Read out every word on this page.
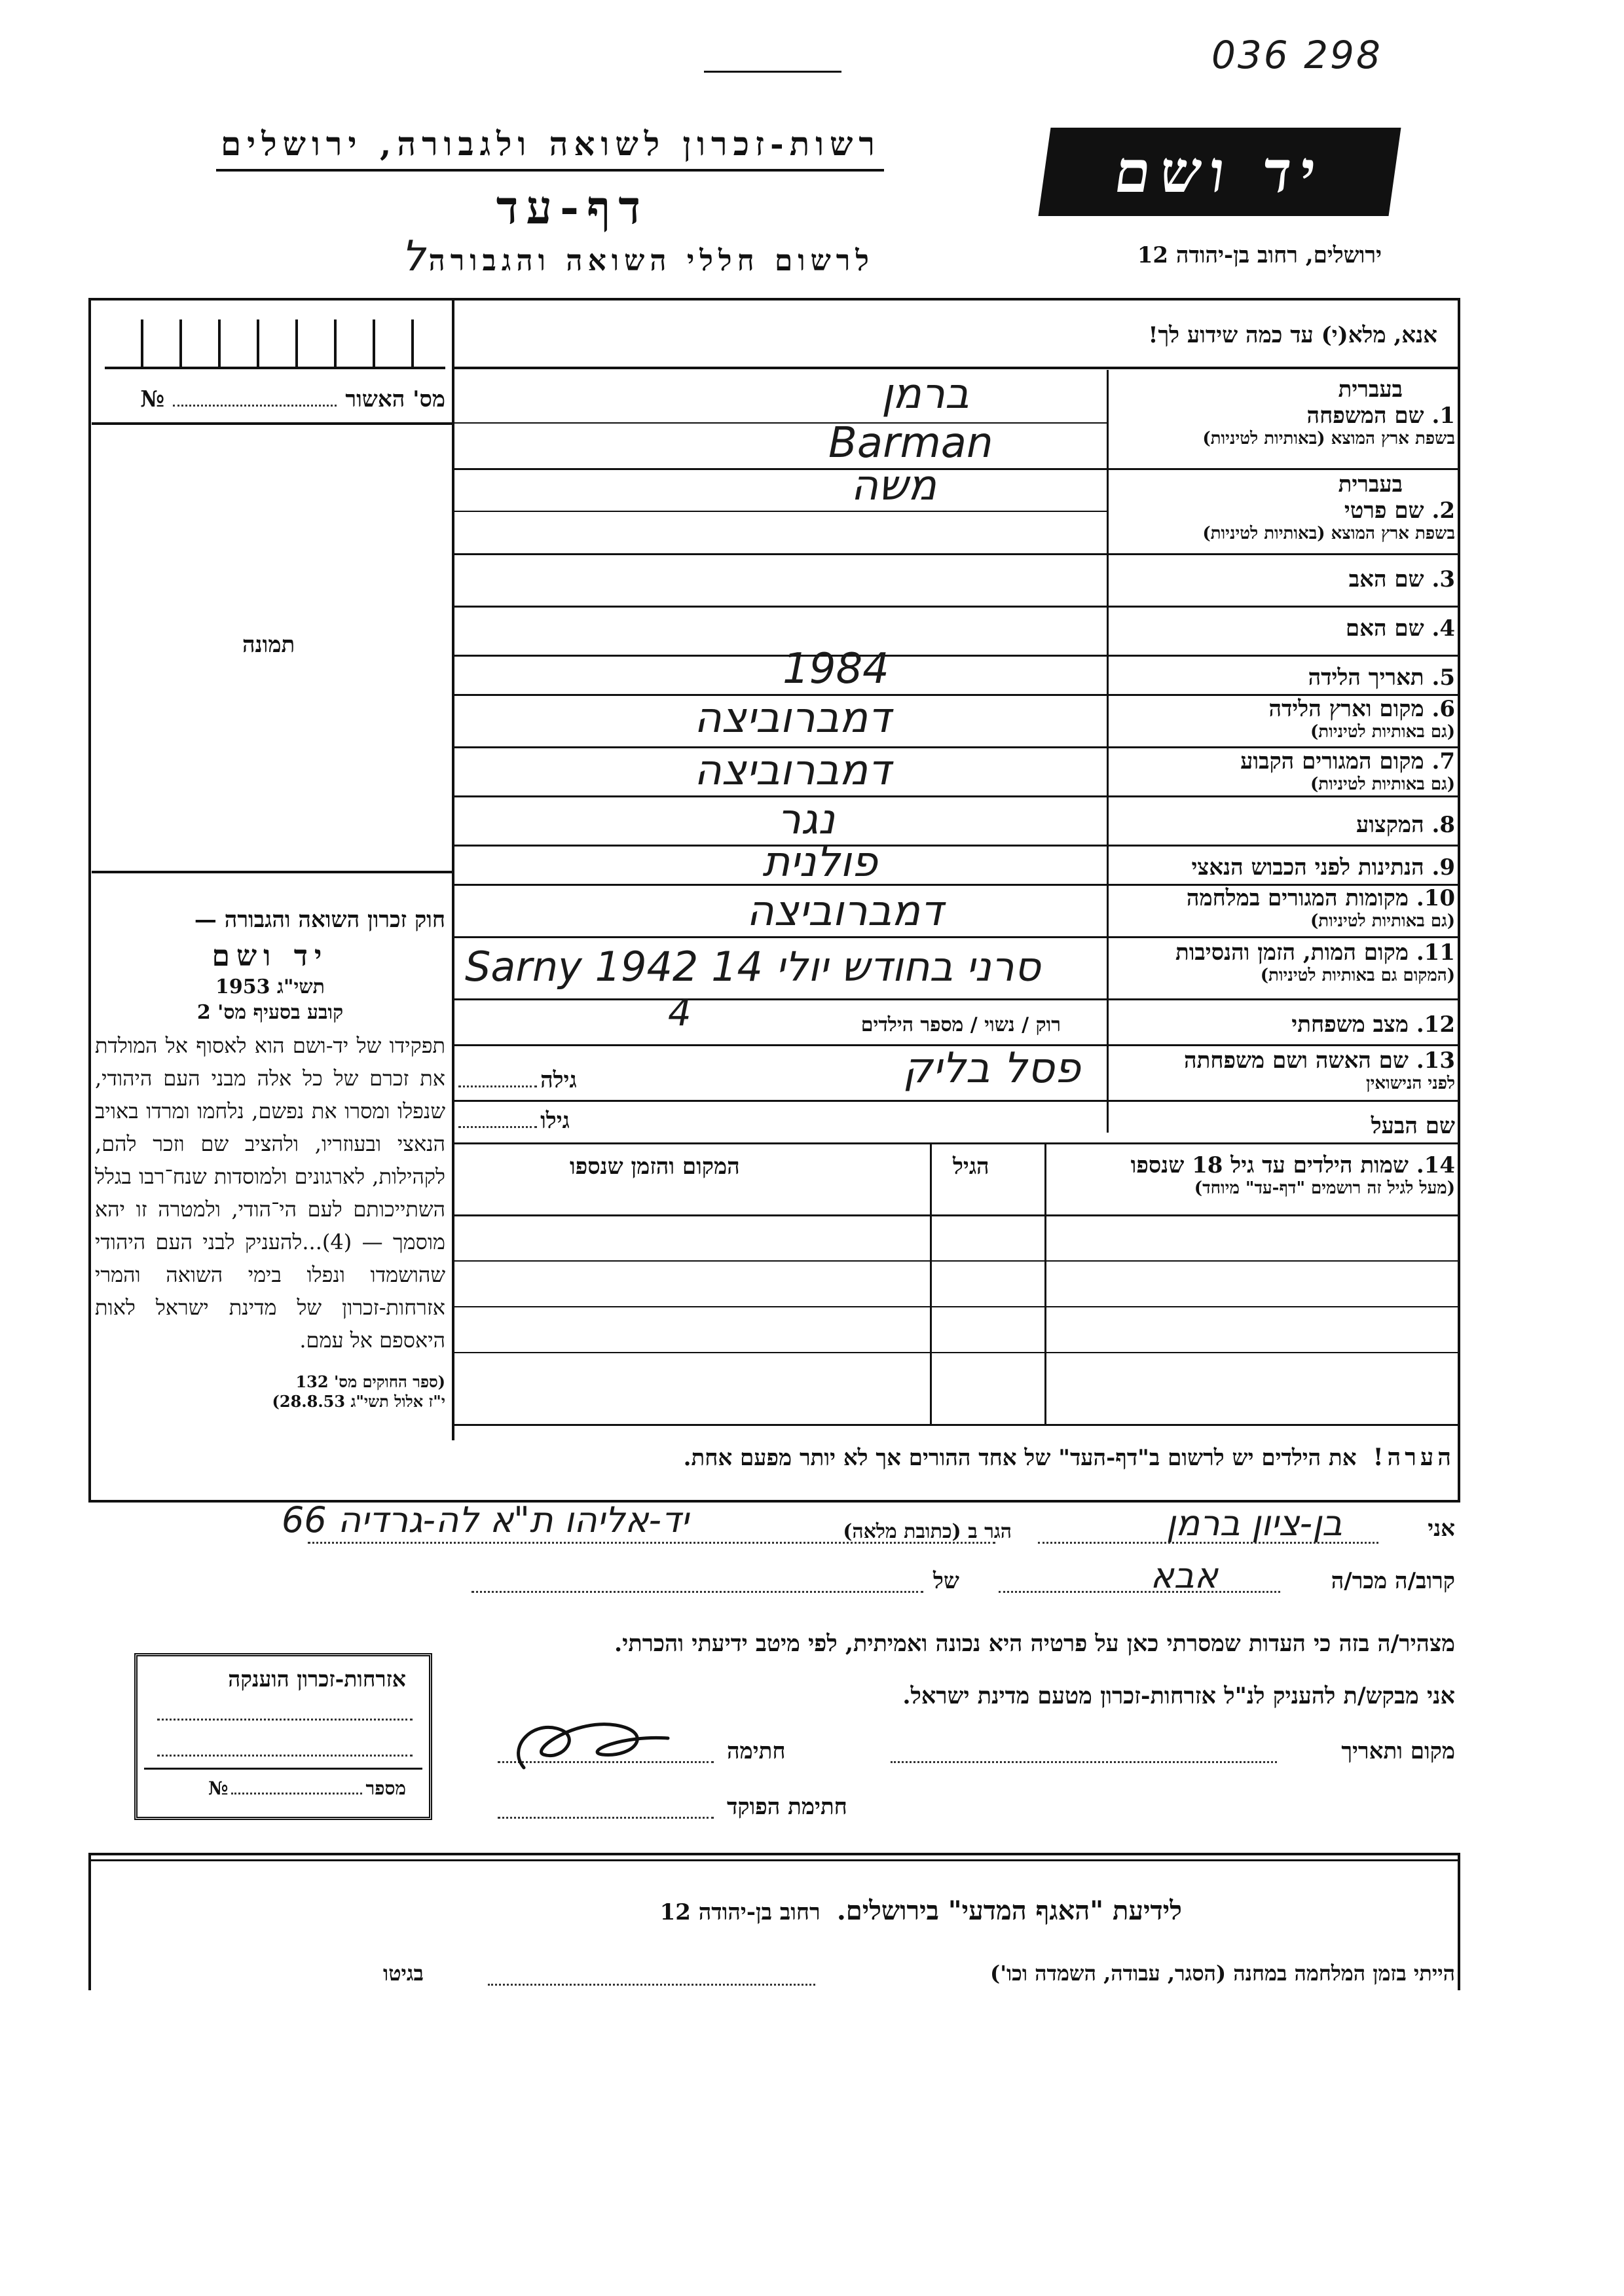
036 298
רשות-זכרון לשואה ולגבורה, ירושלים
דף-עד
לרשום חללי השואה והגבורה ל
יד ושם
ירושלים, רחוב בן-יהודה 12
אנא, מלא(י) עד כמה שידוע לך!
מס' האשור  №
תמונה

חוק זכרון השואה והגבורה —

יד ושם

תשי"ג 1953

קובע בסעיף מס' 2

תפקידו של יד-ושם הוא לאסוף אל המולדת את זכרם של כל אלה מבני העם היהודי, שנפלו ומסרו את נפשם, נלחמו ומרדו באויב הנאצי ובעוזריו, ולהציב שם וזכר להם, לקהילות, לארגונים ולמוסדות שנח־רבו בגלל השתייכותם לעם הי־הודי, ולמטרה זו יהא מוסמך — (4)...להעניק לבני העם היהודי שהושמדו ונפלו בימי השואה והמרי אזרחות-זכרון של מדינת ישראל לאות היאספם אל עמם.

(ספר החוקים מס' 132

י"ז אלול תשי"ג 28.8.53)

בעברית
1. שם המשפחה
בשפת ארץ המוצא (באותיות לטיניות)
ברמן
Barman
בעברית
2. שם פרטי
בשפת ארץ המוצא (באותיות לטיניות)
משה
3. שם האב
4. שם האם
5. תאריך הלידה
1984
6. מקום וארץ הלידה
(גם באותיות לטיניות)
דמברוביצה
7. מקום המגורים הקבוע
(גם באותיות לטיניות)
דמברוביצה
8. המקצוע
נגר
9. הנתינות לפני הכבוש הנאצי
פולנית
10. מקומות המגורים במלחמה
(גם באותיות לטיניות)
דמברוביצה
11. מקום המות, הזמן והנסיבות
(המקום גם באותיות לטיניות)
Sarny סרני בחודש יולי 14 1942
12. מצב משפחתי
רוק / נשוי / מספר הילדים
4
13. שם האשה ושם משפחתה
לפני הנישואין
פסל בליק
גילה
שם הבעל
גילו
14. שמות הילדים עד גיל 18 שנספו
(מעל לגיל זה רושמים "דף-עד" מיוחד)
הגיל
המקום והזמן שנספו
הערה! את הילדים יש לרשום ב"דף-העד" של אחד ההורים אך לא יותר מפעם אחת.
אני
בן-ציון ברמן
הגר ב (כתובת מלאה)
יד-אליהו ת"א לה-גרדיה 66
קרוב/ה מכר/ה
אבא
של
מצהיר/ה בזה כי העדות שמסרתי כאן על פרטיה היא נכונה ואמיתית, לפי מיטב ידיעתי והכרתי.
אני מבקש/ת להעניק לנ"ל אזרחות-זכרון מטעם מדינת ישראל.
מקום ותאריך
חתימה
חתימת הפוקד
אזרחות-זכרון הוענקה
מספר  №
לידיעת "האגף המדעי" בירושלים. רחוב בן-יהודה 12
הייתי בזמן המלחמה במחנה (הסגר, עבודה, השמדה וכו')
בגיטו
